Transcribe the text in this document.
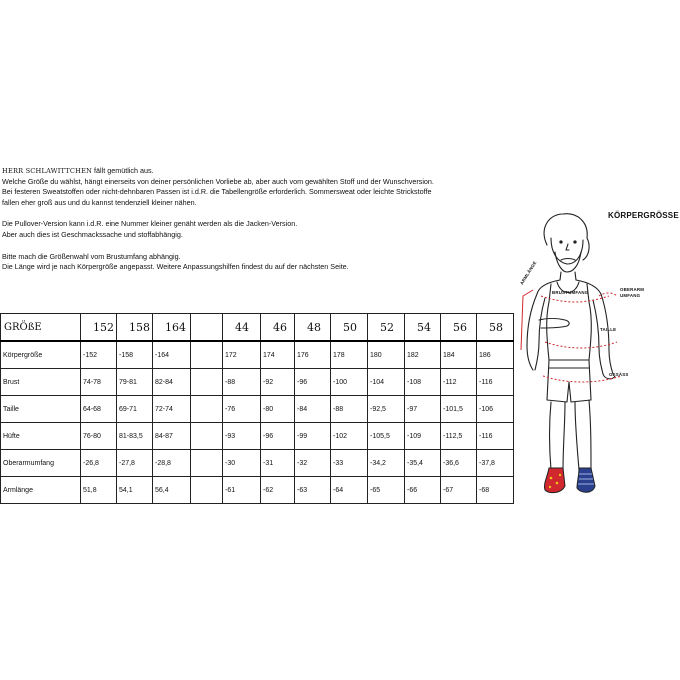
HERR SCHLAWITTCHEN fällt gemütlich aus.

Welche Größe du wählst, hängt einerseits von deiner persönlichen Vorliebe ab, aber auch vom gewählten Stoff und der Wunschversion.

Bei festeren Sweatstoffen oder nicht-dehnbaren Passen ist i.d.R. die Tabellengröße erforderlich. Sommersweat oder leichte Strickstoffe

fallen eher groß aus und du kannst tendenziell kleiner nähen.

Die Pullover-Version kann i.d.R. eine Nummer kleiner genäht werden als die Jacken-Version.

Aber auch dies ist Geschmackssache und stoffabhängig.

Bitte mach die Größenwahl vom Brustumfang abhängig.

Die Länge wird je nach Körpergröße angepasst. Weitere Anpassungshilfen findest du auf der nächsten Seite.

GRÖßE	152	158	164		44	46	48	50	52	54	56	58
Körpergröße	-152	-158	-164		172	174	176	178	180	182	184	186
Brust	74-78	79-81	82-84		-88	-92	-96	-100	-104	-108	-112	-116
Taille	64-68	69-71	72-74		-76	-80	-84	-88	-92,5	-97	-101,5	-106
Hüfte	76-80	81-83,5	84-87		-93	-96	-99	-102	-105,5	-109	-112,5	-116
Oberarmumfang	-26,8	-27,8	-28,8		-30	-31	-32	-33	-34,2	-35,4	-36,6	-37,8
Armlänge	51,8	54,1	56,4		-61	-62	-63	-64	-65	-66	-67	-68
KÖRPERGRÖSSE
ARMLÄNGE
BRUSTUMFANG
OBERARM
UMFANG
TAILLE
GESÄSS
